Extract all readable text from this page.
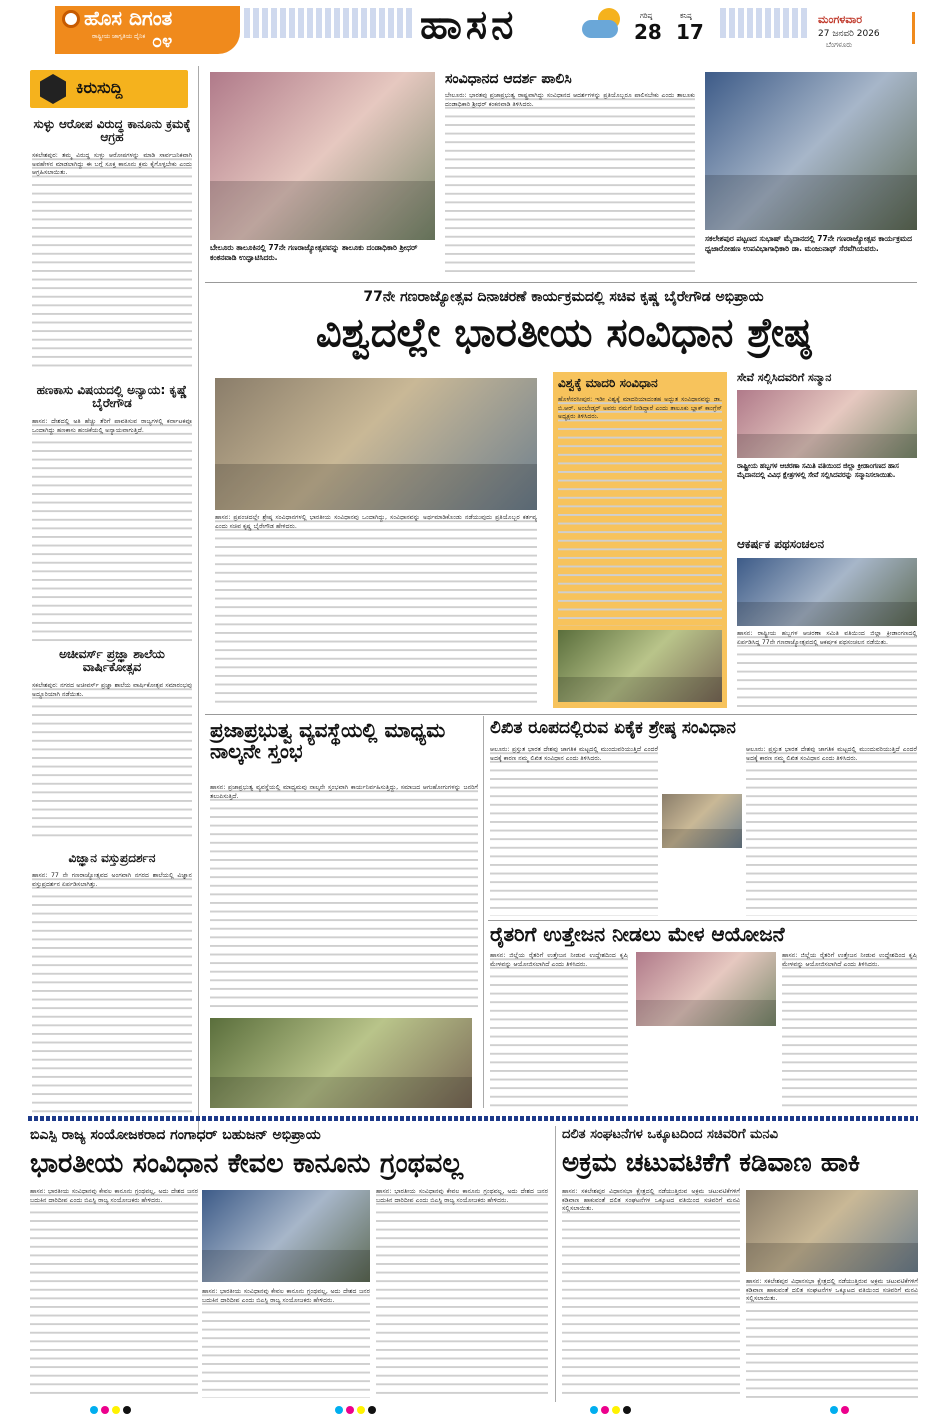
ಹೊಸ ದಿಗಂತ
ರಾಷ್ಟ್ರೀಯ ಜಾಗೃತಿಯ ದೈನಿಕ ೦೪	ಹಾಸನ	ಗರಿಷ್ಠ
28
ಕನಿಷ್ಠ
17
ಮಂಗಳವಾರ
27 ಜನವರಿ 2026
ಬೆಂಗಳೂರು
ಕಿರುಸುದ್ದಿ
ಸುಳ್ಳು ಆರೋಪ ವಿರುದ್ಧ ಕಾನೂನು ಕ್ರಮಕ್ಕೆ ಆಗ್ರಹ
ಸಕಲೇಶಪುರ: ತಮ್ಮ ವಿರುದ್ಧ ಸುಳ್ಳು ಆರೋಪಗಳನ್ನು ಮಾಡಿ ಸಾರ್ವಜನಿಕವಾಗಿ ಅವಹೇಳನ ಮಾಡಲಾಗಿದ್ದು ಈ ಬಗ್ಗೆ ಸೂಕ್ತ ಕಾನೂನು ಕ್ರಮ ಕೈಗೊಳ್ಳಬೇಕು ಎಂದು ಆಗ್ರಹಿಸಲಾಯಿತು.
ಹಣಕಾಸು ವಿಷಯದಲ್ಲಿ ಅನ್ಯಾಯ: ಕೃಷ್ಣೆ ಬೈರೇಗೌಡ
ಹಾಸನ: ದೇಶದಲ್ಲಿ ಅತಿ ಹೆಚ್ಚು ತೆರಿಗೆ ಪಾವತಿಸುವ ರಾಜ್ಯಗಳಲ್ಲಿ ಕರ್ನಾಟಕವೂ ಒಂದಾಗಿದ್ದು ಹಣಕಾಸು ಹಂಚಿಕೆಯಲ್ಲಿ ಅನ್ಯಾಯವಾಗುತ್ತಿದೆ.
ಅಚೀವರ್ಸ್ ಪ್ರಜ್ಞಾ ಶಾಲೆಯ ವಾರ್ಷಿಕೋತ್ಸವ
ಸಕಲೇಶಪುರ: ನಗರದ ಅಚೀವರ್ಸ್ ಪ್ರಜ್ಞಾ ಶಾಲೆಯ ವಾರ್ಷಿಕೋತ್ಸವ ಸಮಾರಂಭವು ಅದ್ದೂರಿಯಾಗಿ ನಡೆಯಿತು.
ವಿಜ್ಞಾನ ವಸ್ತುಪ್ರದರ್ಶನ
ಹಾಸನ: 77 ನೇ ಗಣರಾಜ್ಯೋತ್ಸವದ ಅಂಗವಾಗಿ ನಗರದ ಶಾಲೆಯಲ್ಲಿ ವಿಜ್ಞಾನ ವಸ್ತುಪ್ರದರ್ಶನ ಏರ್ಪಡಿಸಲಾಗಿತ್ತು.
ಬೇಲೂರು ತಾಲೂಕಿನಲ್ಲಿ 77ನೇ ಗಣರಾಜ್ಯೋತ್ಸವವನ್ನು ತಾಲೂಕು ದಂಡಾಧಿಕಾರಿ ಶ್ರೀಧರ್ ಕಂಕನವಾಡಿ ಉದ್ಘಾಟಿಸಿದರು.
ಸಂವಿಧಾನದ ಆದರ್ಶ ಪಾಲಿಸಿ
ಬೇಲೂರು: ಭಾರತವು ಪ್ರಜಾಪ್ರಭುತ್ವ ರಾಷ್ಟ್ರವಾಗಿದ್ದು ಸಂವಿಧಾನದ ಆದರ್ಶಗಳನ್ನು ಪ್ರತಿಯೊಬ್ಬರೂ ಪಾಲಿಸಬೇಕು ಎಂದು ತಾಲೂಕು ದಂಡಾಧಿಕಾರಿ ಶ್ರೀಧರ್ ಕಂಕನವಾಡಿ ತಿಳಿಸಿದರು.
ಸಕಲೇಶಪುರ ಪಟ್ಟಣದ ಸುಭಾಷ್ ಮೈದಾನದಲ್ಲಿ 77ನೇ ಗಣರಾಜ್ಯೋತ್ಸವ ಕಾರ್ಯಕ್ರಮದ ಧ್ವಜಾರೋಹಣ ಉಪವಿಭಾಗಾಧಿಕಾರಿ ಡಾ. ಮಂಜುನಾಥ್ ಸೆರವೆಗಿಯವರು.
77ನೇ ಗಣರಾಜ್ಯೋತ್ಸವ ದಿನಾಚರಣೆ ಕಾರ್ಯಕ್ರಮದಲ್ಲಿ ಸಚಿವ ಕೃಷ್ಣ ಬೈರೇಗೌಡ ಅಭಿಪ್ರಾಯ
ವಿಶ್ವದಲ್ಲೇ ಭಾರತೀಯ ಸಂವಿಧಾನ ಶ್ರೇಷ್ಠ
ಹಾಸನ: ಪ್ರಪಂಚದಲ್ಲೇ ಶ್ರೇಷ್ಠ ಸಂವಿಧಾನಗಳಲ್ಲಿ ಭಾರತೀಯ ಸಂವಿಧಾನವು ಒಂದಾಗಿದ್ದು, ಸಂವಿಧಾನವನ್ನು ಅರ್ಥಮಾಡಿಕೊಂಡು ನಡೆಯುವುದು ಪ್ರತಿಯೊಬ್ಬರ ಕರ್ತವ್ಯ ಎಂದು ಸಚಿವ ಕೃಷ್ಣ ಬೈರೇಗೌಡ ಹೇಳಿದರು.
ವಿಶ್ವಕ್ಕೆ ಮಾದರಿ ಸಂವಿಧಾನ
ಹೊಳೆನರಸೀಪುರ: ಇಡೀ ವಿಶ್ವಕ್ಕೆ ಮಾದರಿಯಾದಂತಹ ಅದ್ಭುತ ಸಂವಿಧಾನವನ್ನು ಡಾ. ಬಿ.ಆರ್. ಅಂಬೇಡ್ಕರ್ ಅವರು ನಮಗೆ ನೀಡಿದ್ದಾರೆ ಎಂದು ತಾಲೂಕು ಬ್ಲಾಕ್ ಕಾಂಗ್ರೆಸ್ ಅಧ್ಯಕ್ಷರು ತಿಳಿಸಿದರು.
ಸೇವೆ ಸಲ್ಲಿಸಿದವರಿಗೆ ಸನ್ಮಾನ
ರಾಷ್ಟ್ರೀಯ ಹಬ್ಬಗಳ ಆಚರಣಾ ಸಮಿತಿ ವತಿಯಿಂದ ಜಿಲ್ಲಾ ಕ್ರೀಡಾಂಗಣದ ಹಾಸ ಮೈದಾನದಲ್ಲಿ ವಿವಿಧ ಕ್ಷೇತ್ರಗಳಲ್ಲಿ ಸೇವೆ ಸಲ್ಲಿಸಿದವರನ್ನು ಸನ್ಮಾನಿಸಲಾಯಿತು.
ಆಕರ್ಷಕ ಪಥಸಂಚಲನ
ಹಾಸನ: ರಾಷ್ಟ್ರೀಯ ಹಬ್ಬಗಳ ಆಚರಣಾ ಸಮಿತಿ ವತಿಯಿಂದ ಜಿಲ್ಲಾ ಕ್ರೀಡಾಂಗಣದಲ್ಲಿ ಏರ್ಪಡಿಸಿದ್ದ 77ನೇ ಗಣರಾಜ್ಯೋತ್ಸವದಲ್ಲಿ ಆಕರ್ಷಕ ಪಥಸಂಚಲನ ನಡೆಯಿತು.
ಪ್ರಜಾಪ್ರಭುತ್ವ ವ್ಯವಸ್ಥೆಯಲ್ಲಿ ಮಾಧ್ಯಮ ನಾಲ್ಕನೇ ಸ್ತಂಭ
ಹಾಸನ: ಪ್ರಜಾಪ್ರಭುತ್ವ ವ್ಯವಸ್ಥೆಯಲ್ಲಿ ಮಾಧ್ಯಮವು ನಾಲ್ಕನೇ ಸ್ತಂಭವಾಗಿ ಕಾರ್ಯನಿರ್ವಹಿಸುತ್ತಿದ್ದು, ಸಮಾಜದ ಆಗುಹೋಗುಗಳನ್ನು ಜನರಿಗೆ ತಲುಪಿಸುತ್ತಿದೆ.
ಲಿಖಿತ ರೂಪದಲ್ಲಿರುವ ಏಕೈಕ ಶ್ರೇಷ್ಠ ಸಂವಿಧಾನ
ಆಲೂರು: ಪ್ರಸ್ತುತ ಭಾರತ ದೇಶವು ಜಾಗತಿಕ ಮಟ್ಟದಲ್ಲಿ ಮುಂದುವರಿಯುತ್ತಿದೆ ಎಂದರೆ ಅದಕ್ಕೆ ಕಾರಣ ನಮ್ಮ ಲಿಖಿತ ಸಂವಿಧಾನ ಎಂದು ತಿಳಿಸಿದರು.
ಆಲೂರು: ಪ್ರಸ್ತುತ ಭಾರತ ದೇಶವು ಜಾಗತಿಕ ಮಟ್ಟದಲ್ಲಿ ಮುಂದುವರಿಯುತ್ತಿದೆ ಎಂದರೆ ಅದಕ್ಕೆ ಕಾರಣ ನಮ್ಮ ಲಿಖಿತ ಸಂವಿಧಾನ ಎಂದು ತಿಳಿಸಿದರು.
ರೈತರಿಗೆ ಉತ್ತೇಜನ ನೀಡಲು ಮೇಳ ಆಯೋಜನೆ
ಹಾಸನ: ಜಿಲ್ಲೆಯ ರೈತರಿಗೆ ಉತ್ತೇಜನ ನೀಡುವ ಉದ್ದೇಶದಿಂದ ಕೃಷಿ ಮೇಳವನ್ನು ಆಯೋಜಿಸಲಾಗಿದೆ ಎಂದು ತಿಳಿಸಿದರು.
ಹಾಸನ: ಜಿಲ್ಲೆಯ ರೈತರಿಗೆ ಉತ್ತೇಜನ ನೀಡುವ ಉದ್ದೇಶದಿಂದ ಕೃಷಿ ಮೇಳವನ್ನು ಆಯೋಜಿಸಲಾಗಿದೆ ಎಂದು ತಿಳಿಸಿದರು.
ಬಿಎಸ್ಪಿ ರಾಜ್ಯ ಸಂಯೋಜಕರಾದ ಗಂಗಾಧರ್ ಬಹುಜನ್ ಅಭಿಪ್ರಾಯ
ಭಾರತೀಯ ಸಂವಿಧಾನ ಕೇವಲ ಕಾನೂನು ಗ್ರಂಥವಲ್ಲ
ಹಾಸನ: ಭಾರತೀಯ ಸಂವಿಧಾನವು ಕೇವಲ ಕಾನೂನು ಗ್ರಂಥವಲ್ಲ, ಅದು ದೇಶದ ಜನರ ಬದುಕಿನ ದಾರಿದೀಪ ಎಂದು ಬಿಎಸ್ಪಿ ರಾಜ್ಯ ಸಂಯೋಜಕರು ಹೇಳಿದರು.
ಹಾಸನ: ಭಾರತೀಯ ಸಂವಿಧಾನವು ಕೇವಲ ಕಾನೂನು ಗ್ರಂಥವಲ್ಲ, ಅದು ದೇಶದ ಜನರ ಬದುಕಿನ ದಾರಿದೀಪ ಎಂದು ಬಿಎಸ್ಪಿ ರಾಜ್ಯ ಸಂಯೋಜಕರು ಹೇಳಿದರು.
ಹಾಸನ: ಭಾರತೀಯ ಸಂವಿಧಾನವು ಕೇವಲ ಕಾನೂನು ಗ್ರಂಥವಲ್ಲ, ಅದು ದೇಶದ ಜನರ ಬದುಕಿನ ದಾರಿದೀಪ ಎಂದು ಬಿಎಸ್ಪಿ ರಾಜ್ಯ ಸಂಯೋಜಕರು ಹೇಳಿದರು.
ದಲಿತ ಸಂಘಟನೆಗಳ ಒಕ್ಕೂಟದಿಂದ ಸಚಿವರಿಗೆ ಮನವಿ
ಅಕ್ರಮ ಚಟುವಟಿಕೆಗೆ ಕಡಿವಾಣ ಹಾಕಿ
ಹಾಸನ: ಸಕಲೇಶಪುರ ವಿಧಾನಸಭಾ ಕ್ಷೇತ್ರದಲ್ಲಿ ನಡೆಯುತ್ತಿರುವ ಅಕ್ರಮ ಚಟುವಟಿಕೆಗಳಿಗೆ ಕಡಿವಾಣ ಹಾಕುವಂತೆ ದಲಿತ ಸಂಘಟನೆಗಳ ಒಕ್ಕೂಟದ ವತಿಯಿಂದ ಸಚಿವರಿಗೆ ಮನವಿ ಸಲ್ಲಿಸಲಾಯಿತು.
ಹಾಸನ: ಸಕಲೇಶಪುರ ವಿಧಾನಸಭಾ ಕ್ಷೇತ್ರದಲ್ಲಿ ನಡೆಯುತ್ತಿರುವ ಅಕ್ರಮ ಚಟುವಟಿಕೆಗಳಿಗೆ ಕಡಿವಾಣ ಹಾಕುವಂತೆ ದಲಿತ ಸಂಘಟನೆಗಳ ಒಕ್ಕೂಟದ ವತಿಯಿಂದ ಸಚಿವರಿಗೆ ಮನವಿ ಸಲ್ಲಿಸಲಾಯಿತು.
